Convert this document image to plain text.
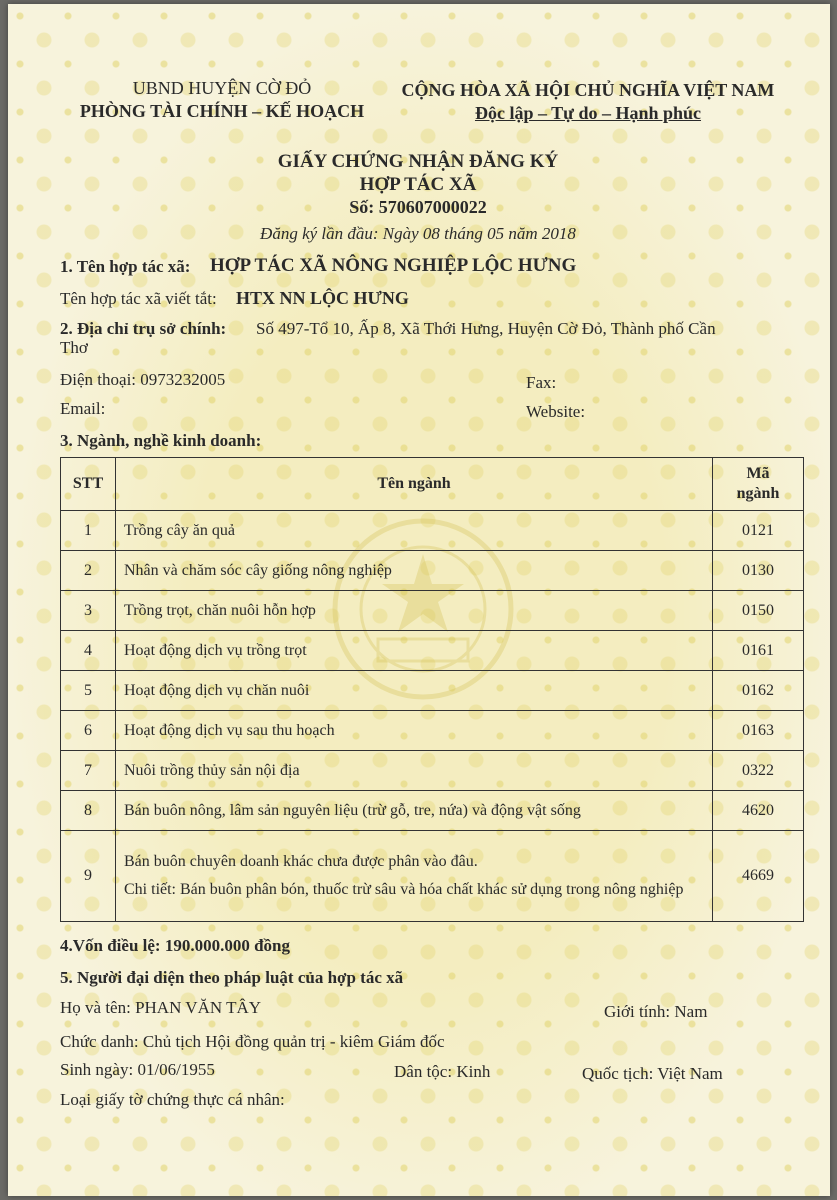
UBND HUYỆN CỜ ĐỎ
PHÒNG TÀI CHÍNH – KẾ HOẠCH
CỘNG HÒA XÃ HỘI CHỦ NGHĨA VIỆT NAM
Độc lập – Tự do – Hạnh phúc
GIẤY CHỨNG NHẬN ĐĂNG KÝ
HỢP TÁC XÃ
Số: 570607000022
Đăng ký lần đầu: Ngày 08 tháng 05 năm 2018
1. Tên hợp tác xã: HỢP TÁC XÃ NÔNG NGHIỆP LỘC HƯNG
Tên hợp tác xã viết tắt: HTX NN LỘC HƯNG
2. Địa chỉ trụ sở chính: Số 497-Tổ 10, Ấp 8, Xã Thới Hưng, Huyện Cờ Đỏ, Thành phố Cần
Thơ
Điện thoại: 0973232005	Fax:
Email:	Website:
3. Ngành, nghề kinh doanh:
STT	Tên ngành	Mã
ngành

1	Trồng cây ăn quả	0121
2	Nhân và chăm sóc cây giống nông nghiệp	0130
3	Trồng trọt, chăn nuôi hỗn hợp	0150
4	Hoạt động dịch vụ trồng trọt	0161
5	Hoạt động dịch vụ chăn nuôi	0162
6	Hoạt động dịch vụ sau thu hoạch	0163
7	Nuôi trồng thủy sản nội địa	0322
8	Bán buôn nông, lâm sản nguyên liệu (trừ gỗ, tre, nứa) và động vật sống	4620
9	Bán buôn chuyên doanh khác chưa được phân vào đâu.
Chi tiết: Bán buôn phân bón, thuốc trừ sâu và hóa chất khác sử dụng trong nông nghiệp	4669
4.Vốn điều lệ: 190.000.000 đồng
5. Người đại diện theo pháp luật của hợp tác xã
Họ và tên: PHAN VĂN TÂY	Giới tính: Nam
Chức danh: Chủ tịch Hội đồng quản trị - kiêm Giám đốc
Sinh ngày: 01/06/1955	Dân tộc: Kinh	Quốc tịch: Việt Nam
Loại giấy tờ chứng thực cá nhân:
